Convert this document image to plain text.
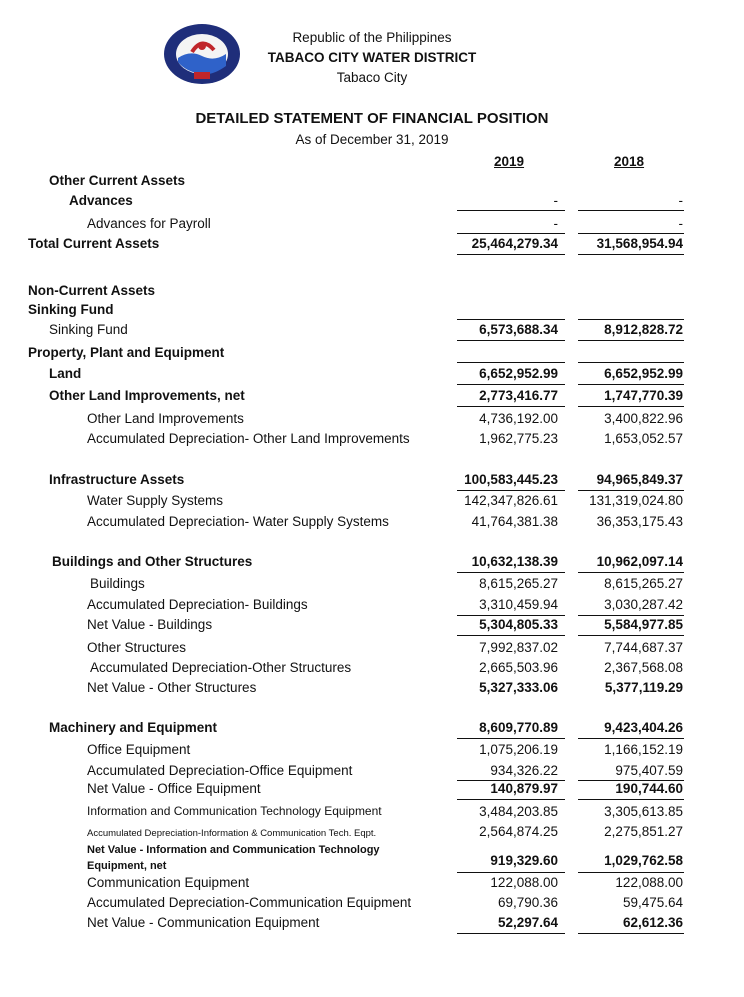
Republic of the Philippines
TABACO CITY WATER DISTRICT
Tabaco City
DETAILED STATEMENT OF FINANCIAL POSITION
As of December 31, 2019
2019	2018
Other Current Assets
Advances	-	-
Advances for Payroll	-	-
Total Current Assets	25,464,279.34	31,568,954.94
Non-Current Assets
Sinking Fund
Sinking Fund	6,573,688.34	8,912,828.72
Property, Plant and Equipment
Land	6,652,952.99	6,652,952.99
Other Land Improvements, net	2,773,416.77	1,747,770.39
Other Land Improvements	4,736,192.00	3,400,822.96
Accumulated Depreciation- Other Land Improvements	1,962,775.23	1,653,052.57
Infrastructure Assets	100,583,445.23	94,965,849.37
Water Supply Systems	142,347,826.61 131,319,024.80
Accumulated Depreciation- Water Supply Systems	41,764,381.38	36,353,175.43
Buildings and Other Structures	10,632,138.39	10,962,097.14
Buildings	8,615,265.27	8,615,265.27
Accumulated Depreciation- Buildings	3,310,459.94	3,030,287.42
Net Value - Buildings	5,304,805.33	5,584,977.85
Other Structures	7,992,837.02	7,744,687.37
Accumulated Depreciation-Other Structures	2,665,503.96	2,367,568.08
Net Value - Other Structures	5,327,333.06	5,377,119.29
Machinery and Equipment	8,609,770.89	9,423,404.26
Office Equipment	1,075,206.19	1,166,152.19
Accumulated Depreciation-Office Equipment	934,326.22	975,407.59
Net Value - Office Equipment	140,879.97	190,744.60
Information and Communication Technology Equipment	3,484,203.85	3,305,613.85
Accumulated Depreciation-Information & Communication Tech. Eqpt.	2,564,874.25	2,275,851.27
Net Value - Information and Communication Technology
Equipment, net	919,329.60	1,029,762.58
Communication Equipment	122,088.00	122,088.00
Accumulated Depreciation-Communication Equipment	69,790.36	59,475.64
Net Value - Communication Equipment	52,297.64	62,612.36
